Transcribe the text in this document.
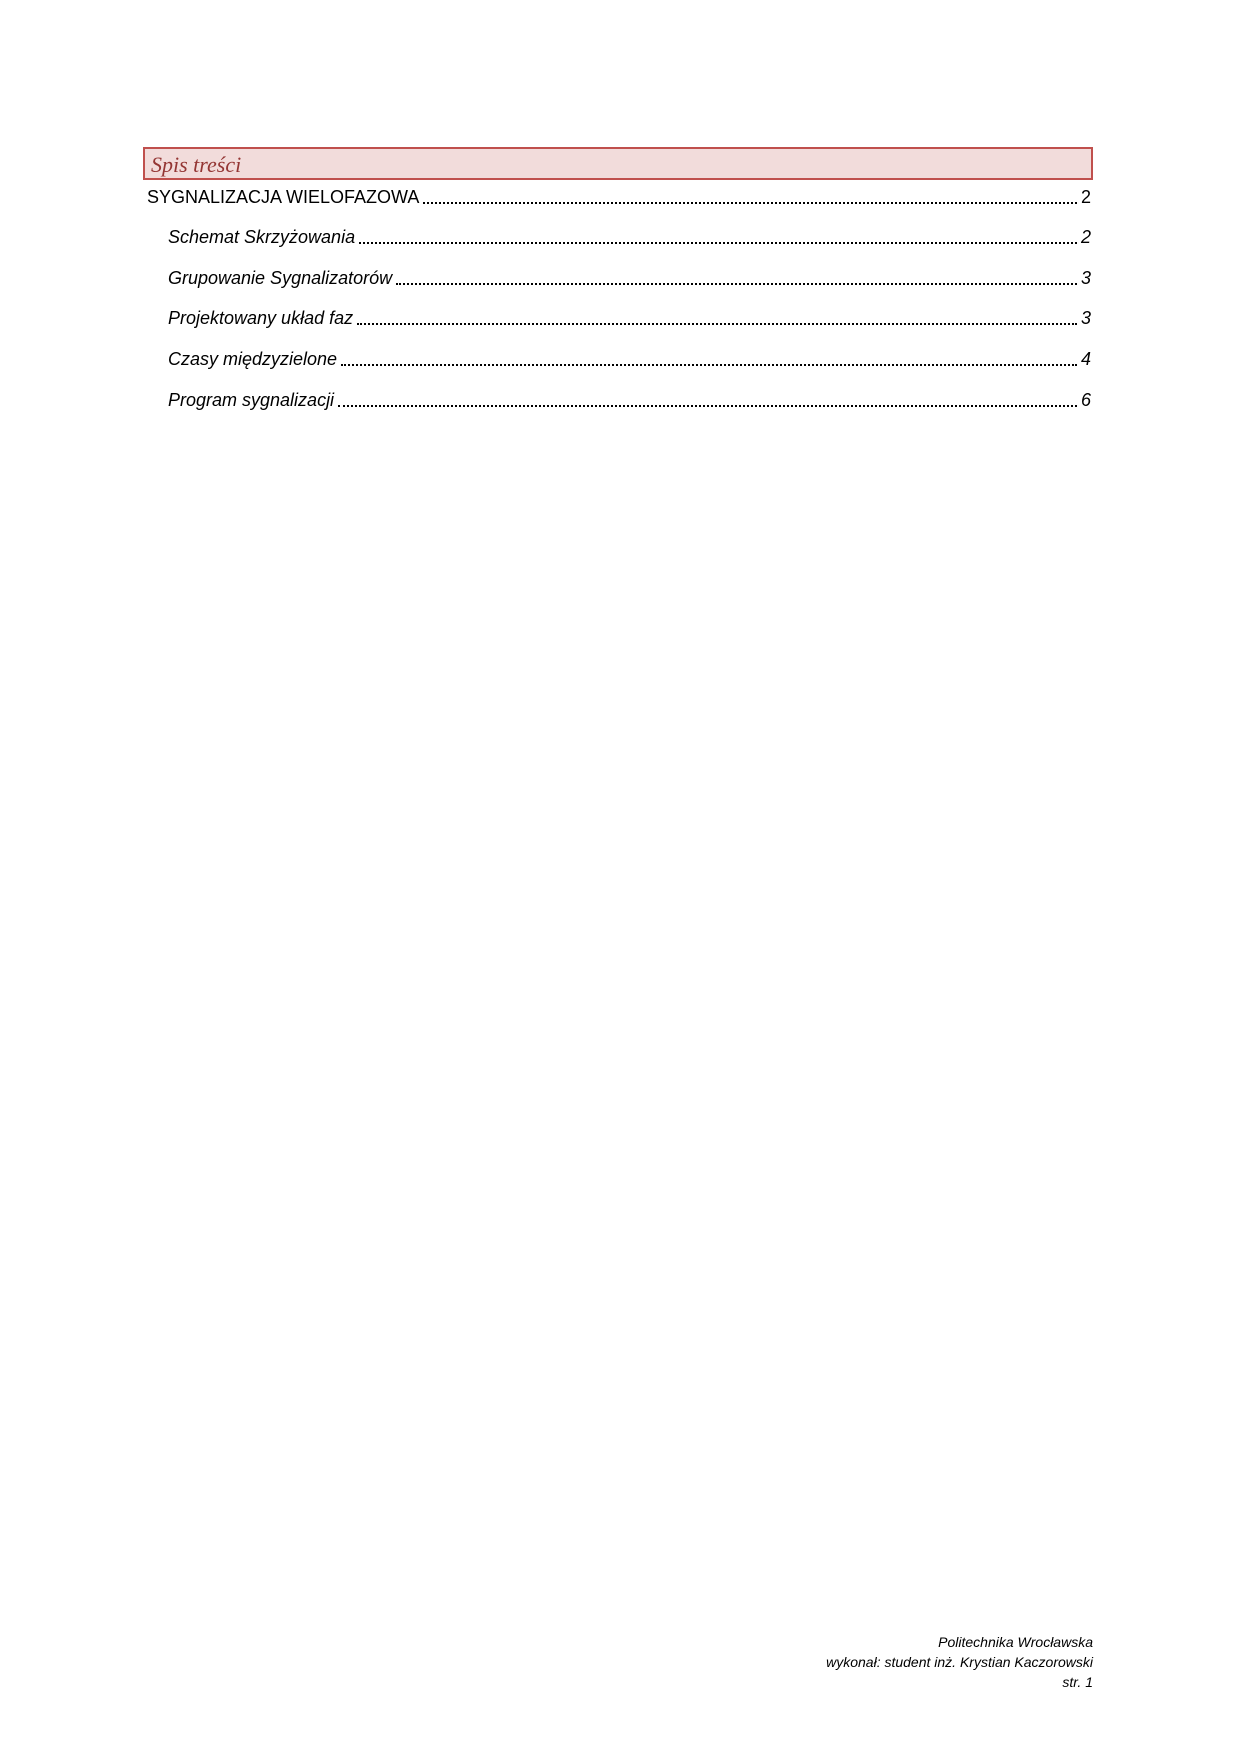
Spis treści
SYGNALIZACJA WIELOFAZOWA	2
Schemat Skrzyżowania	2
Grupowanie Sygnalizatorów	3
Projektowany układ faz	3
Czasy międzyzielone	4
Program sygnalizacji	6
Politechnika Wrocławska
wykonał: student inż. Krystian Kaczorowski
str. 1
